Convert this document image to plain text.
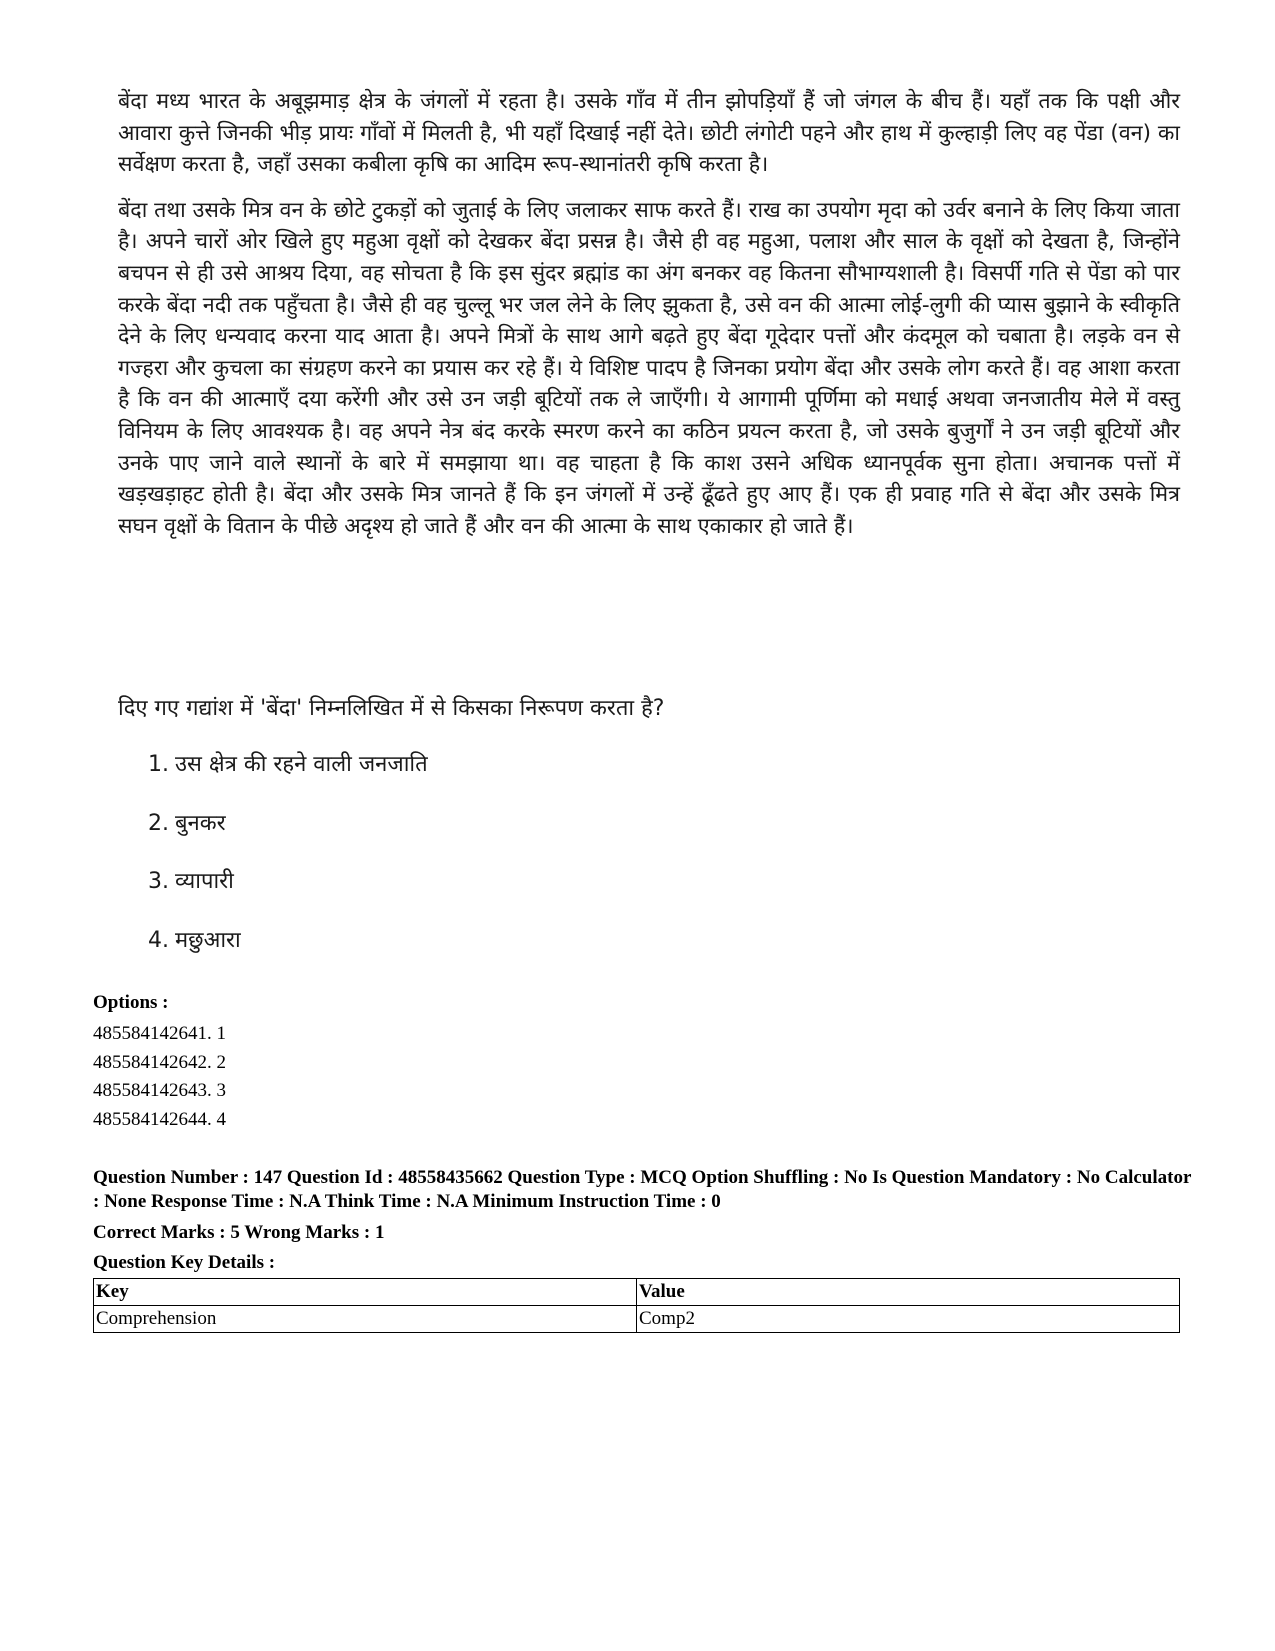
बेंदा मध्य भारत के अबूझमाड़ क्षेत्र के जंगलों में रहता है। उसके गाँव में तीन झोपड़ियाँ हैं जो जंगल के बीच हैं। यहाँ तक कि पक्षी और आवारा कुत्ते जिनकी भीड़ प्रायः गाँवों में मिलती है, भी यहाँ दिखाई नहीं देते। छोटी लंगोटी पहने और हाथ में कुल्हाड़ी लिए वह पेंडा (वन) का सर्वेक्षण करता है, जहाँ उसका कबीला कृषि का आदिम रूप-स्थानांतरी कृषि करता है।

बेंदा तथा उसके मित्र वन के छोटे टुकड़ों को जुताई के लिए जलाकर साफ करते हैं। राख का उपयोग मृदा को उर्वर बनाने के लिए किया जाता है। अपने चारों ओर खिले हुए महुआ वृक्षों को देखकर बेंदा प्रसन्न है। जैसे ही वह महुआ, पलाश और साल के वृक्षों को देखता है, जिन्होंने बचपन से ही उसे आश्रय दिया, वह सोचता है कि इस सुंदर ब्रह्मांड का अंग बनकर वह कितना सौभाग्यशाली है। विसर्पी गति से पेंडा को पार करके बेंदा नदी तक पहुँचता है। जैसे ही वह चुल्लू भर जल लेने के लिए झुकता है, उसे वन की आत्मा लोई-लुगी की प्यास बुझाने के स्वीकृति देने के लिए धन्यवाद करना याद आता है। अपने मित्रों के साथ आगे बढ़ते हुए बेंदा गूदेदार पत्तों और कंदमूल को चबाता है। लड़के वन से गज्हरा और कुचला का संग्रहण करने का प्रयास कर रहे हैं। ये विशिष्ट पादप है जिनका प्रयोग बेंदा और उसके लोग करते हैं। वह आशा करता है कि वन की आत्माएँ दया करेंगी और उसे उन जड़ी बूटियों तक ले जाएँगी। ये आगामी पूर्णिमा को मधाई अथवा जनजातीय मेले में वस्तु विनियम के लिए आवश्यक है। वह अपने नेत्र बंद करके स्मरण करने का कठिन प्रयत्न करता है, जो उसके बुजुर्गों ने उन जड़ी बूटियों और उनके पाए जाने वाले स्थानों के बारे में समझाया था। वह चाहता है कि काश उसने अधिक ध्यानपूर्वक सुना होता। अचानक पत्तों में खड़खड़ाहट होती है। बेंदा और उसके मित्र जानते हैं कि इन जंगलों में उन्हें ढूँढते हुए आए हैं। एक ही प्रवाह गति से बेंदा और उसके मित्र सघन वृक्षों के वितान के पीछे अदृश्य हो जाते हैं और वन की आत्मा के साथ एकाकार हो जाते हैं।

दिए गए गद्यांश में 'बेंदा' निम्नलिखित में से किसका निरूपण करता है?
1. उस क्षेत्र की रहने वाली जनजाति
2. बुनकर
3. व्यापारी
4. मछुआरा
Options :
485584142641. 1
485584142642. 2
485584142643. 3
485584142644. 4
Question Number : 147 Question Id : 48558435662 Question Type : MCQ Option Shuffling : No Is Question Mandatory : No Calculator : None Response Time : N.A Think Time : N.A Minimum Instruction Time : 0
Correct Marks : 5 Wrong Marks : 1
Question Key Details :
Key	Value
Comprehension	Comp2
